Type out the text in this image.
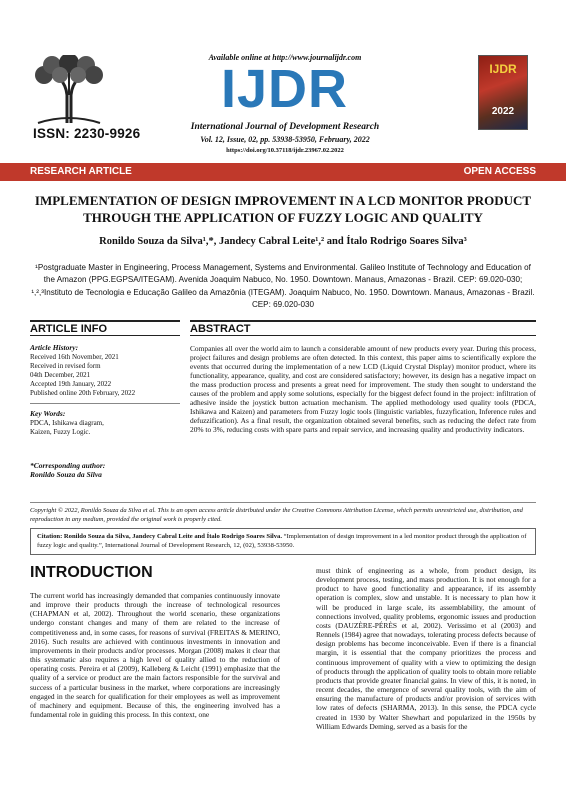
ISSN: 2230-9926
Available online at http://www.journalijdr.com
IJDR
International Journal of Development Research
Vol. 12, Issue, 02, pp. 53938-53950, February, 2022
https://doi.org/10.37118/ijdr.23967.02.2022
IJDR
2022
RESEARCH ARTICLE	OPEN ACCESS
IMPLEMENTATION OF DESIGN IMPROVEMENT IN A LCD MONITOR PRODUCT
THROUGH THE APPLICATION OF FUZZY LOGIC AND QUALITY
Ronildo Souza da Silva¹,*, Jandecy Cabral Leite¹,² and Ítalo Rodrigo Soares Silva³
¹Postgraduate Master in Engineering, Process Management, Systems and Environmental. Galileo Institute of Technology and Education of the Amazon (PPG.EGPSA/ITEGAM). Avenida Joaquim Nabuco, No. 1950. Downtown. Manaus, Amazonas - Brazil. CEP: 69.020-030; ¹,²,³Instituto de Tecnologia e Educação Galileo da Amazônia (ITEGAM). Joaquim Nabuco, No. 1950. Downtown. Manaus, Amazonas - Brazil. CEP: 69.020-030
ARTICLE INFO	ABSTRACT
Article History:
Received 16th November, 2021
Received in revised form
04th December, 2021
Accepted 19th January, 2022
Published online 20th February, 2022
Key Words:
PDCA, Ishikawa diagram,
Kaizen, Fuzzy Logic.
*Corresponding author:
Ronildo Souza da Silva
Companies all over the world aim to launch a considerable amount of new products every year. During this process, project failures and design problems are often detected. In this context, this paper aims to scientifically explore the events that occurred during the implementation of a new LCD (Liquid Crystal Display) monitor product, where its functionality, appearance, quality, and cost are considered satisfactory; however, its design has a negative impact on the mass production process and presents a great need for improvement. The study then sought to understand the causes of the problem and apply some solutions, especially for the biggest defect found in the project: infiltration of adhesive inside the joystick button actuation mechanism. The applied methodology used quality tools (PDCA, Ishikawa and Kaizen) and parameters from Fuzzy logic tools (linguistic variables, fuzzyfication, Inference rules and defuzzification). As a final result, the organization obtained several benefits, such as reducing the defect rate from 20% to 3%, reducing costs with spare parts and repair service, and increasing quality and productivity indicators.
Copyright © 2022, Ronildo Souza da Silva et al. This is an open access article distributed under the Creative Commons Attribution License, which permits unrestricted use, distribution, and reproduction in any medium, provided the original work is properly cited.
Citation: Ronildo Souza da Silva, Jandecy Cabral Leite and Ítalo Rodrigo Soares Silva. “Implementation of design improvement in a led monitor product through the application of fuzzy logic and quality.”, International Journal of Development Research, 12, (02), 53938-53950.
INTRODUCTION
The current world has increasingly demanded that companies continuously innovate and improve their products through the increase of technological resources (CHAPMAN et al, 2002). Throughout the world scenario, these organizations undergo constant changes and many of them are related to the increase of competitiveness and, in some cases, for reasons of survival (FREITAS & MERINO, 2016). Such results are achieved with continuous investments in innovation and improvements in their products and/or processes. Morgan (2008) makes it clear that this systematic also requires a high level of quality allied to the reduction of operating costs. Pereira et al (2009), Kalleberg & Leicht (1991) emphasize that the quality of a service or product are the main factors responsible for the survival and success of a particular business in the market, where corporations are increasingly engaged in the search for qualification for their employees as well as improvement of machinery and equipment. Because of this, the engineering involved has a fundamental role in guiding this process. In this context, one
must think of engineering as a whole, from product design, its development process, testing, and mass production. It is not enough for a product to have good functionality and appearance, if its assembly operation is complex, slow and unstable. It is necessary to plan how it will be produced in large scale, its assemblability, the amount of connections involved, quality problems, ergonomic issues and production costs (DAUZÈRE-PÉRÈS et al, 2002). Verissimo et al (2003) and Rennels (1984) agree that nowadays, tolerating process defects because of design problems has become inconceivable. Even if there is a financial margin, it is essential that the company prioritizes the process and continuous improvement of quality with a view to optimizing the design of products through the application of quality tools to obtain more reliable products that provide greater financial gains. In view of this, it is noted, in recent decades, the emergence of several quality tools, with the aim of ensuring the manufacture of products and/or provision of services with low rates of defects (SHARMA, 2013). In this sense, the PDCA cycle created in 1930 by Walter Shewhart and popularized in the 1950s by William Edwards Deming, served as a basis for the
